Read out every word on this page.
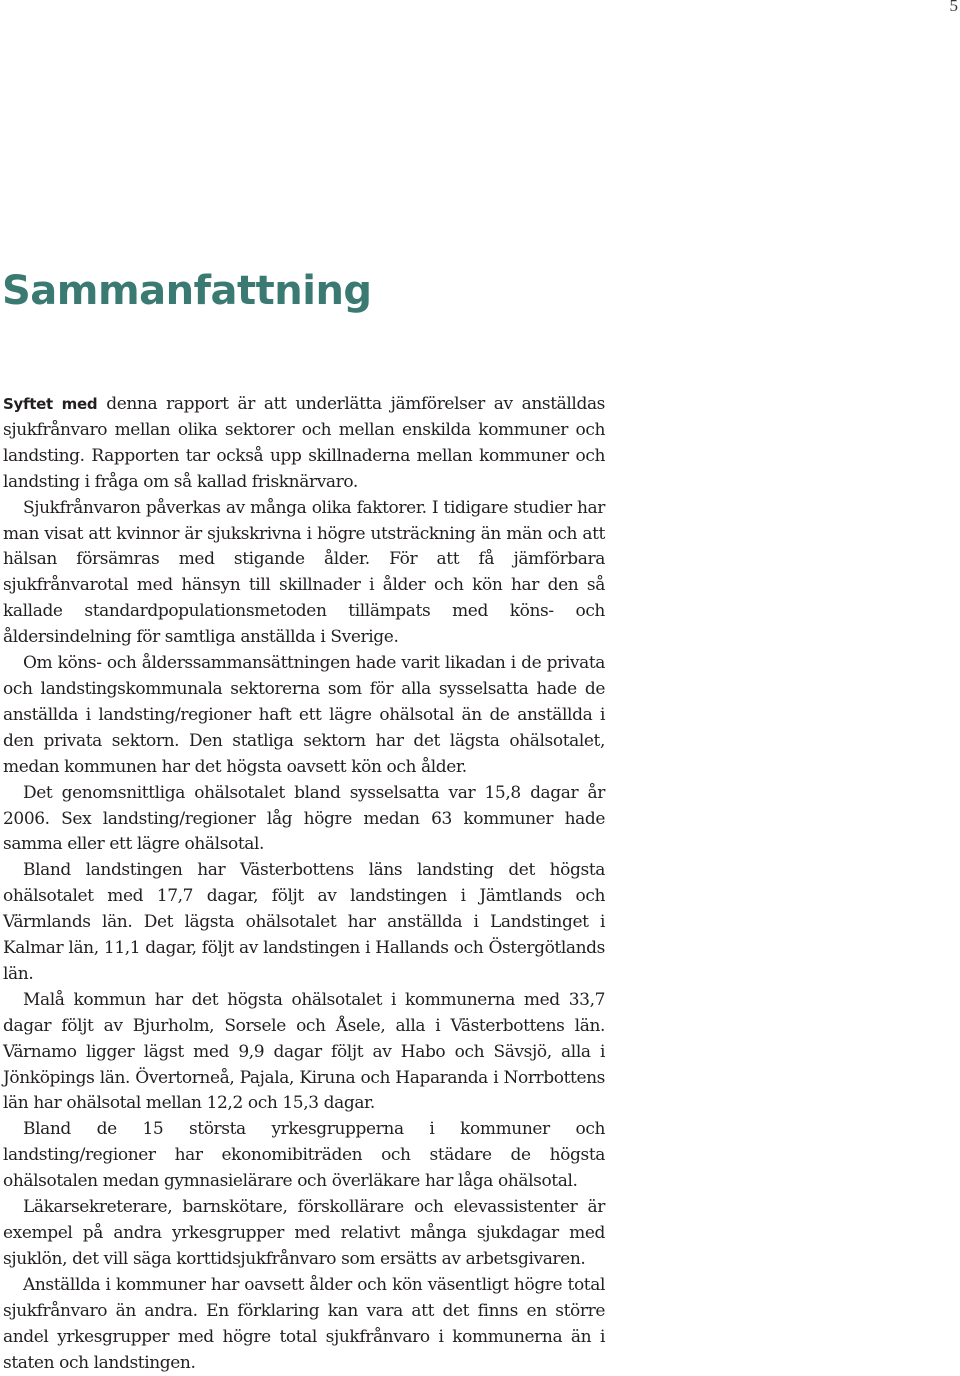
5
Sammanfattning

Syftet med denna rapport är att underlätta jämförelser av anställdas sjukfrånvaro mellan olika sektorer och mellan enskilda kommuner och landsting. Rapporten tar också upp skillnaderna mellan kommuner och landsting i fråga om så kallad frisknärvaro.

Sjukfrånvaron påverkas av många olika faktorer. I tidigare studier har man visat att kvinnor är sjukskrivna i högre utsträckning än män och att hälsan försämras med stigande ålder. För att få jämförbara sjukfrånvarotal med hänsyn till skillnader i ålder och kön har den så kallade standardpopulationsmetoden tillämpats med köns- och åldersindelning för samtliga anställda i Sverige.

Om köns- och ålderssammansättningen hade varit likadan i de privata och landstingskommunala sektorerna som för alla sysselsatta hade de anställda i landsting/regioner haft ett lägre ohälsotal än de anställda i den privata sektorn. Den statliga sektorn har det lägsta ohälsotalet, medan kommunen har det högsta oavsett kön och ålder.

Det genomsnittliga ohälsotalet bland sysselsatta var 15,8 dagar år 2006. Sex landsting/regioner låg högre medan 63 kommuner hade samma eller ett lägre ohälsotal.

Bland landstingen har Västerbottens läns landsting det högsta ohälsotalet med 17,7 dagar, följt av landstingen i Jämtlands och Värmlands län. Det lägsta ohälsotalet har anställda i Landstinget i Kalmar län, 11,1 dagar, följt av landstingen i Hallands och Östergötlands län.

Malå kommun har det högsta ohälsotalet i kommunerna med 33,7 dagar följt av Bjurholm, Sorsele och Åsele, alla i Västerbottens län. Värnamo ligger lägst med 9,9 dagar följt av Habo och Sävsjö, alla i Jönköpings län. Övertorneå, Pajala, Kiruna och Haparanda i Norrbottens län har ohälsotal mellan 12,2 och 15,3 dagar.

Bland de 15 största yrkesgrupperna i kommuner och landsting/regioner har ekonomibiträden och städare de högsta ohälsotalen medan gymnasielärare och överläkare har låga ohälsotal.

Läkarsekreterare, barnskötare, förskollärare och elevassistenter är exempel på andra yrkesgrupper med relativt många sjukdagar med sjuklön, det vill säga korttidsjukfrånvaro som ersätts av arbetsgivaren.

Anställda i kommuner har oavsett ålder och kön väsentligt högre total sjukfrånvaro än andra. En förklaring kan vara att det finns en större andel yrkesgrupper med högre total sjukfrånvaro i kommunerna än i staten och landstingen.
